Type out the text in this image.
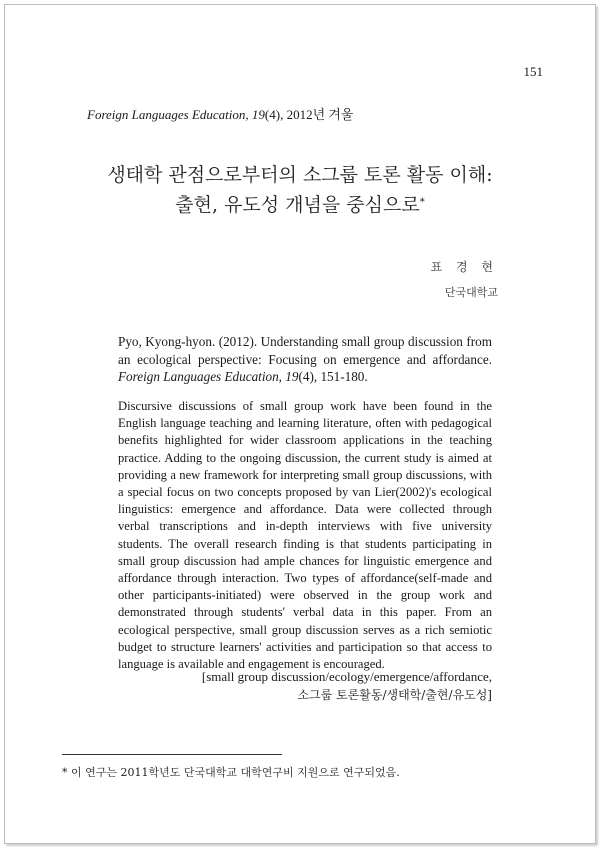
151
Foreign Languages Education, 19(4), 2012년 겨울
생태학 관점으로부터의 소그룹 토론 활동 이해:
출현, 유도성 개념을 중심으로*
표 경 현
단국대학교
Pyo, Kyong-hyon. (2012). Understanding small group discussion from an ecological perspective: Focusing on emergence and affordance. Foreign Languages Education, 19(4), 151-180.
Discursive discussions of small group work have been found in the English language teaching and learning literature, often with pedagogical benefits highlighted for wider classroom applications in the teaching practice. Adding to the ongoing discussion, the current study is aimed at providing a new framework for interpreting small group discussions, with a special focus on two concepts proposed by van Lier(2002)'s ecological linguistics: emergence and affordance. Data were collected through verbal transcriptions and in-depth interviews with five university students. The overall research finding is that students participating in small group discussion had ample chances for linguistic emergence and affordance through interaction. Two types of affordance(self-made and other participants-initiated) were observed in the group work and demonstrated through students' verbal data in this paper. From an ecological perspective, small group discussion serves as a rich semiotic budget to structure learners' activities and participation so that access to language is available and engagement is encouraged.
[small group discussion/ecology/emergence/affordance,
소그룹 토론활동/생태학/출현/유도성]
* 이 연구는 2011학년도 단국대학교 대학연구비 지원으로 연구되었음.
